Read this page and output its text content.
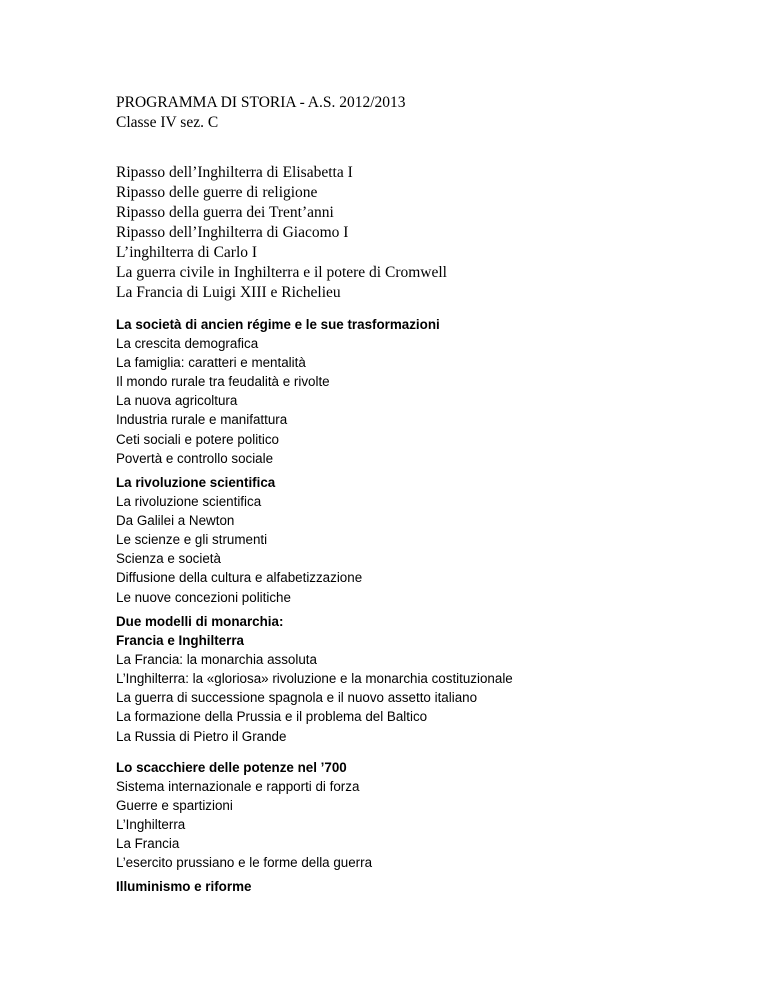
PROGRAMMA DI STORIA - A.S. 2012/2013
Classe IV sez. C
Ripasso dell’Inghilterra di Elisabetta I
Ripasso delle guerre di religione
Ripasso della guerra dei Trent’anni
Ripasso dell’Inghilterra di Giacomo I
L’inghilterra di Carlo I
La guerra civile in Inghilterra e il potere di Cromwell
La Francia di Luigi XIII e Richelieu
La società di ancien régime e le sue trasformazioni
La crescita demografica
La famiglia: caratteri e mentalità
Il mondo rurale tra feudalità e rivolte
La nuova agricoltura
Industria rurale e manifattura
Ceti sociali e potere politico
Povertà e controllo sociale
La rivoluzione scientifica
La rivoluzione scientifica
Da Galilei a Newton
Le scienze e gli strumenti
Scienza e società
Diffusione della cultura e alfabetizzazione
Le nuove concezioni politiche
Due modelli di monarchia:
Francia e Inghilterra
La Francia: la monarchia assoluta
L’Inghilterra: la «gloriosa» rivoluzione e la monarchia costituzionale
La guerra di successione spagnola e il nuovo assetto italiano
La formazione della Prussia e il problema del Baltico
La Russia di Pietro il Grande
Lo scacchiere delle potenze nel ’700
Sistema internazionale e rapporti di forza
Guerre e spartizioni
L’Inghilterra
La Francia
L’esercito prussiano e le forme della guerra
Illuminismo e riforme
